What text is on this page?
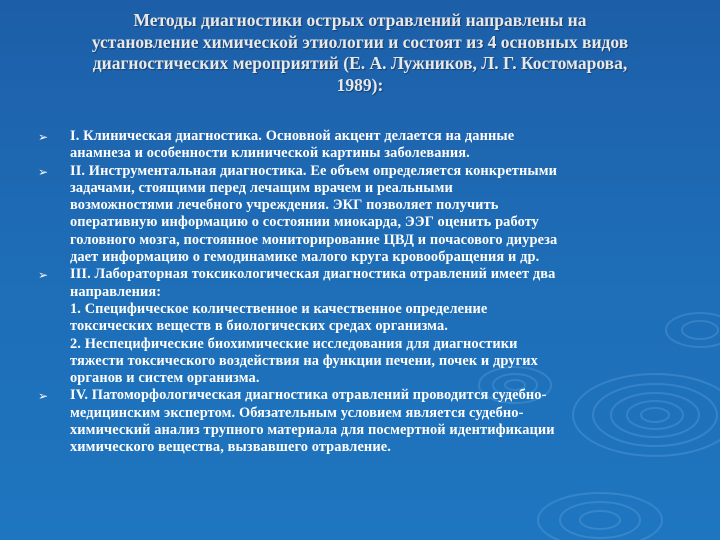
Методы диагностики острых отравлений направлены на
установление химической этиологии и состоят из 4 основных видов
диагностических мероприятий (Е. А. Лужников, Л. Г. Костомарова,
1989):
➢ I. Клиническая диагностика. Основной акцент делается на данные
анамнеза и особенности клинической картины заболевания.
➢ II. Инструментальная диагностика. Ее объем определяется конкретными
задачами, стоящими перед лечащим врачем и реальными
возможностями лечебного учреждения. ЭКГ позволяет получить
оперативную информацию о состоянии миокарда, ЭЭГ оценить работу
головного мозга, постоянное мониторирование ЦВД и почасового диуреза
дает информацию о гемодинамике малого круга кровообращения и др.
➢ III. Лабораторная токсикологическая диагностика отравлений имеет два
направления:
1. Специфическое количественное и качественное определение
токсических веществ в биологических средах организма.
2. Неспецифические биохимические исследования для диагностики
тяжести токсического воздействия на функции печени, почек и других
органов и систем организма.
➢ IV. Патоморфологическая диагностика отравлений проводится судебно-
медицинским экспертом. Обязательным условием является судебно-
химический анализ трупного материала для посмертной идентификации
химического вещества, вызвавшего отравление.
